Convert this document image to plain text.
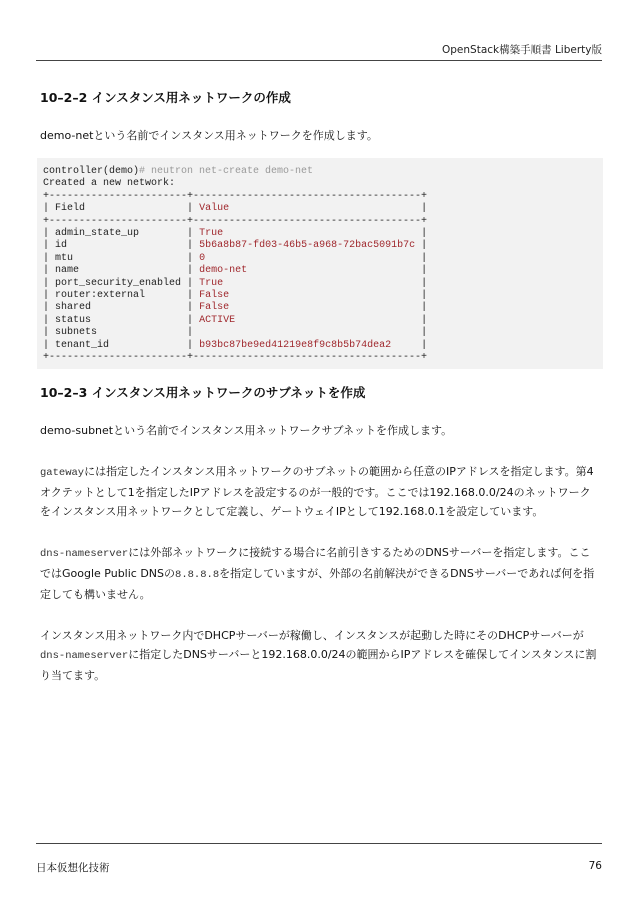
OpenStack構築手順書 Liberty版
10–2–2 インスタンス用ネットワークの作成

demo-netという名前でインスタンス用ネットワークを作成します。

controller(demo)# neutron net-create demo-net
Created a new network:
+-----------------------+--------------------------------------+
| Field                 | Value                                |
+-----------------------+--------------------------------------+
| admin_state_up        | True                                 |
| id                    | 5b6a8b87-fd03-46b5-a968-72bac5091b7c |
| mtu                   | 0                                    |
| name                  | demo-net                             |
| port_security_enabled | True                                 |
| router:external       | False                                |
| shared                | False                                |
| status                | ACTIVE                               |
| subnets               |	|
| tenant_id             | b93bc87be9ed41219e8f9c8b5b74dea2     |
+-----------------------+--------------------------------------+
10–2–3 インスタンス用ネットワークのサブネットを作成

demo-subnetという名前でインスタンス用ネットワークサブネットを作成します。

gatewayには指定したインスタンス用ネットワークのサブネットの範囲から任意のIPアドレスを指定します。第4オクテットとして1を指定したIPアドレスを設定するのが一般的です。ここでは192.168.0.0/24のネットワークをインスタンス用ネットワークとして定義し、ゲートウェイIPとして192.168.0.1を設定しています。

dns-nameserverには外部ネットワークに接続する場合に名前引きするためのDNSサーバーを指定します。ここではGoogle Public DNSの8.8.8.8を指定していますが、外部の名前解決ができるDNSサーバーであれば何を指定しても構いません。

インスタンス用ネットワーク内でDHCPサーバーが稼働し、インスタンスが起動した時にそのDHCPサーバーがdns-nameserverに指定したDNSサーバーと192.168.0.0/24の範囲からIPアドレスを確保してインスタンスに割り当てます。

日本仮想化技術	76
